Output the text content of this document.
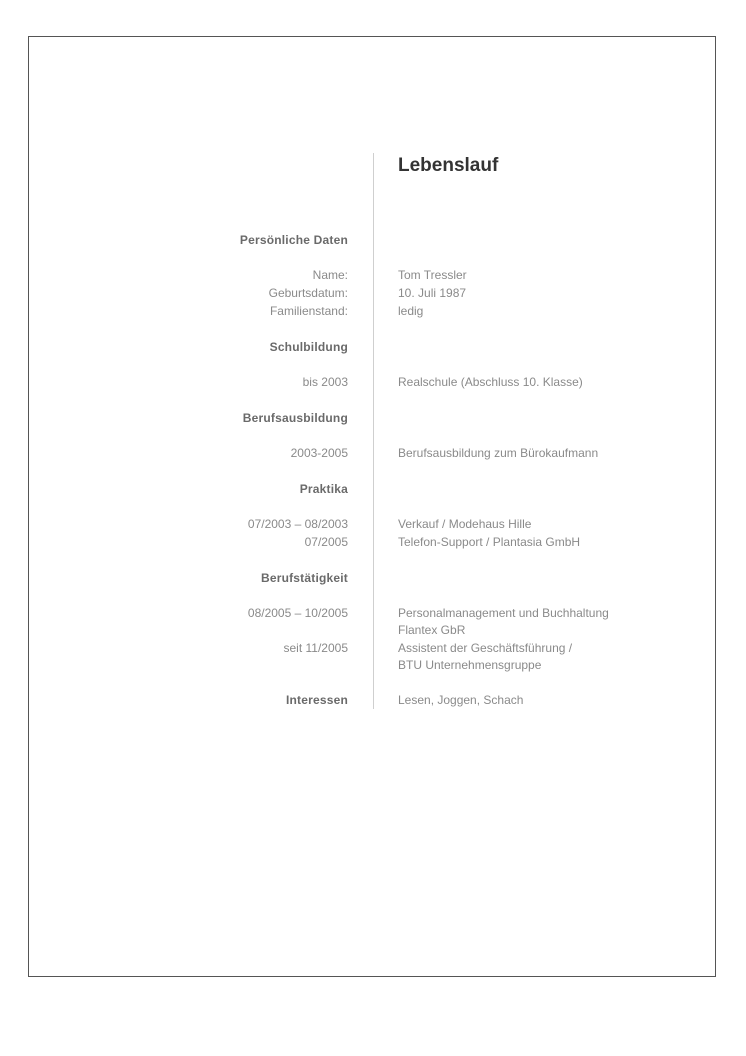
Lebenslauf
Persönliche Daten
Name:	Tom Tressler
Geburtsdatum:	10. Juli 1987
Familienstand:	ledig
Schulbildung
bis 2003	Realschule (Abschluss 10. Klasse)
Berufsausbildung
2003-2005	Berufsausbildung zum Bürokaufmann
Praktika
07/2003 – 08/2003	Verkauf / Modehaus Hille
07/2005	Telefon-Support / Plantasia GmbH
Berufstätigkeit
08/2005 – 10/2005	Personalmanagement und Buchhaltung
Flantex GbR
seit 11/2005	Assistent der Geschäftsführung /
BTU Unternehmensgruppe
Interessen	Lesen, Joggen, Schach
